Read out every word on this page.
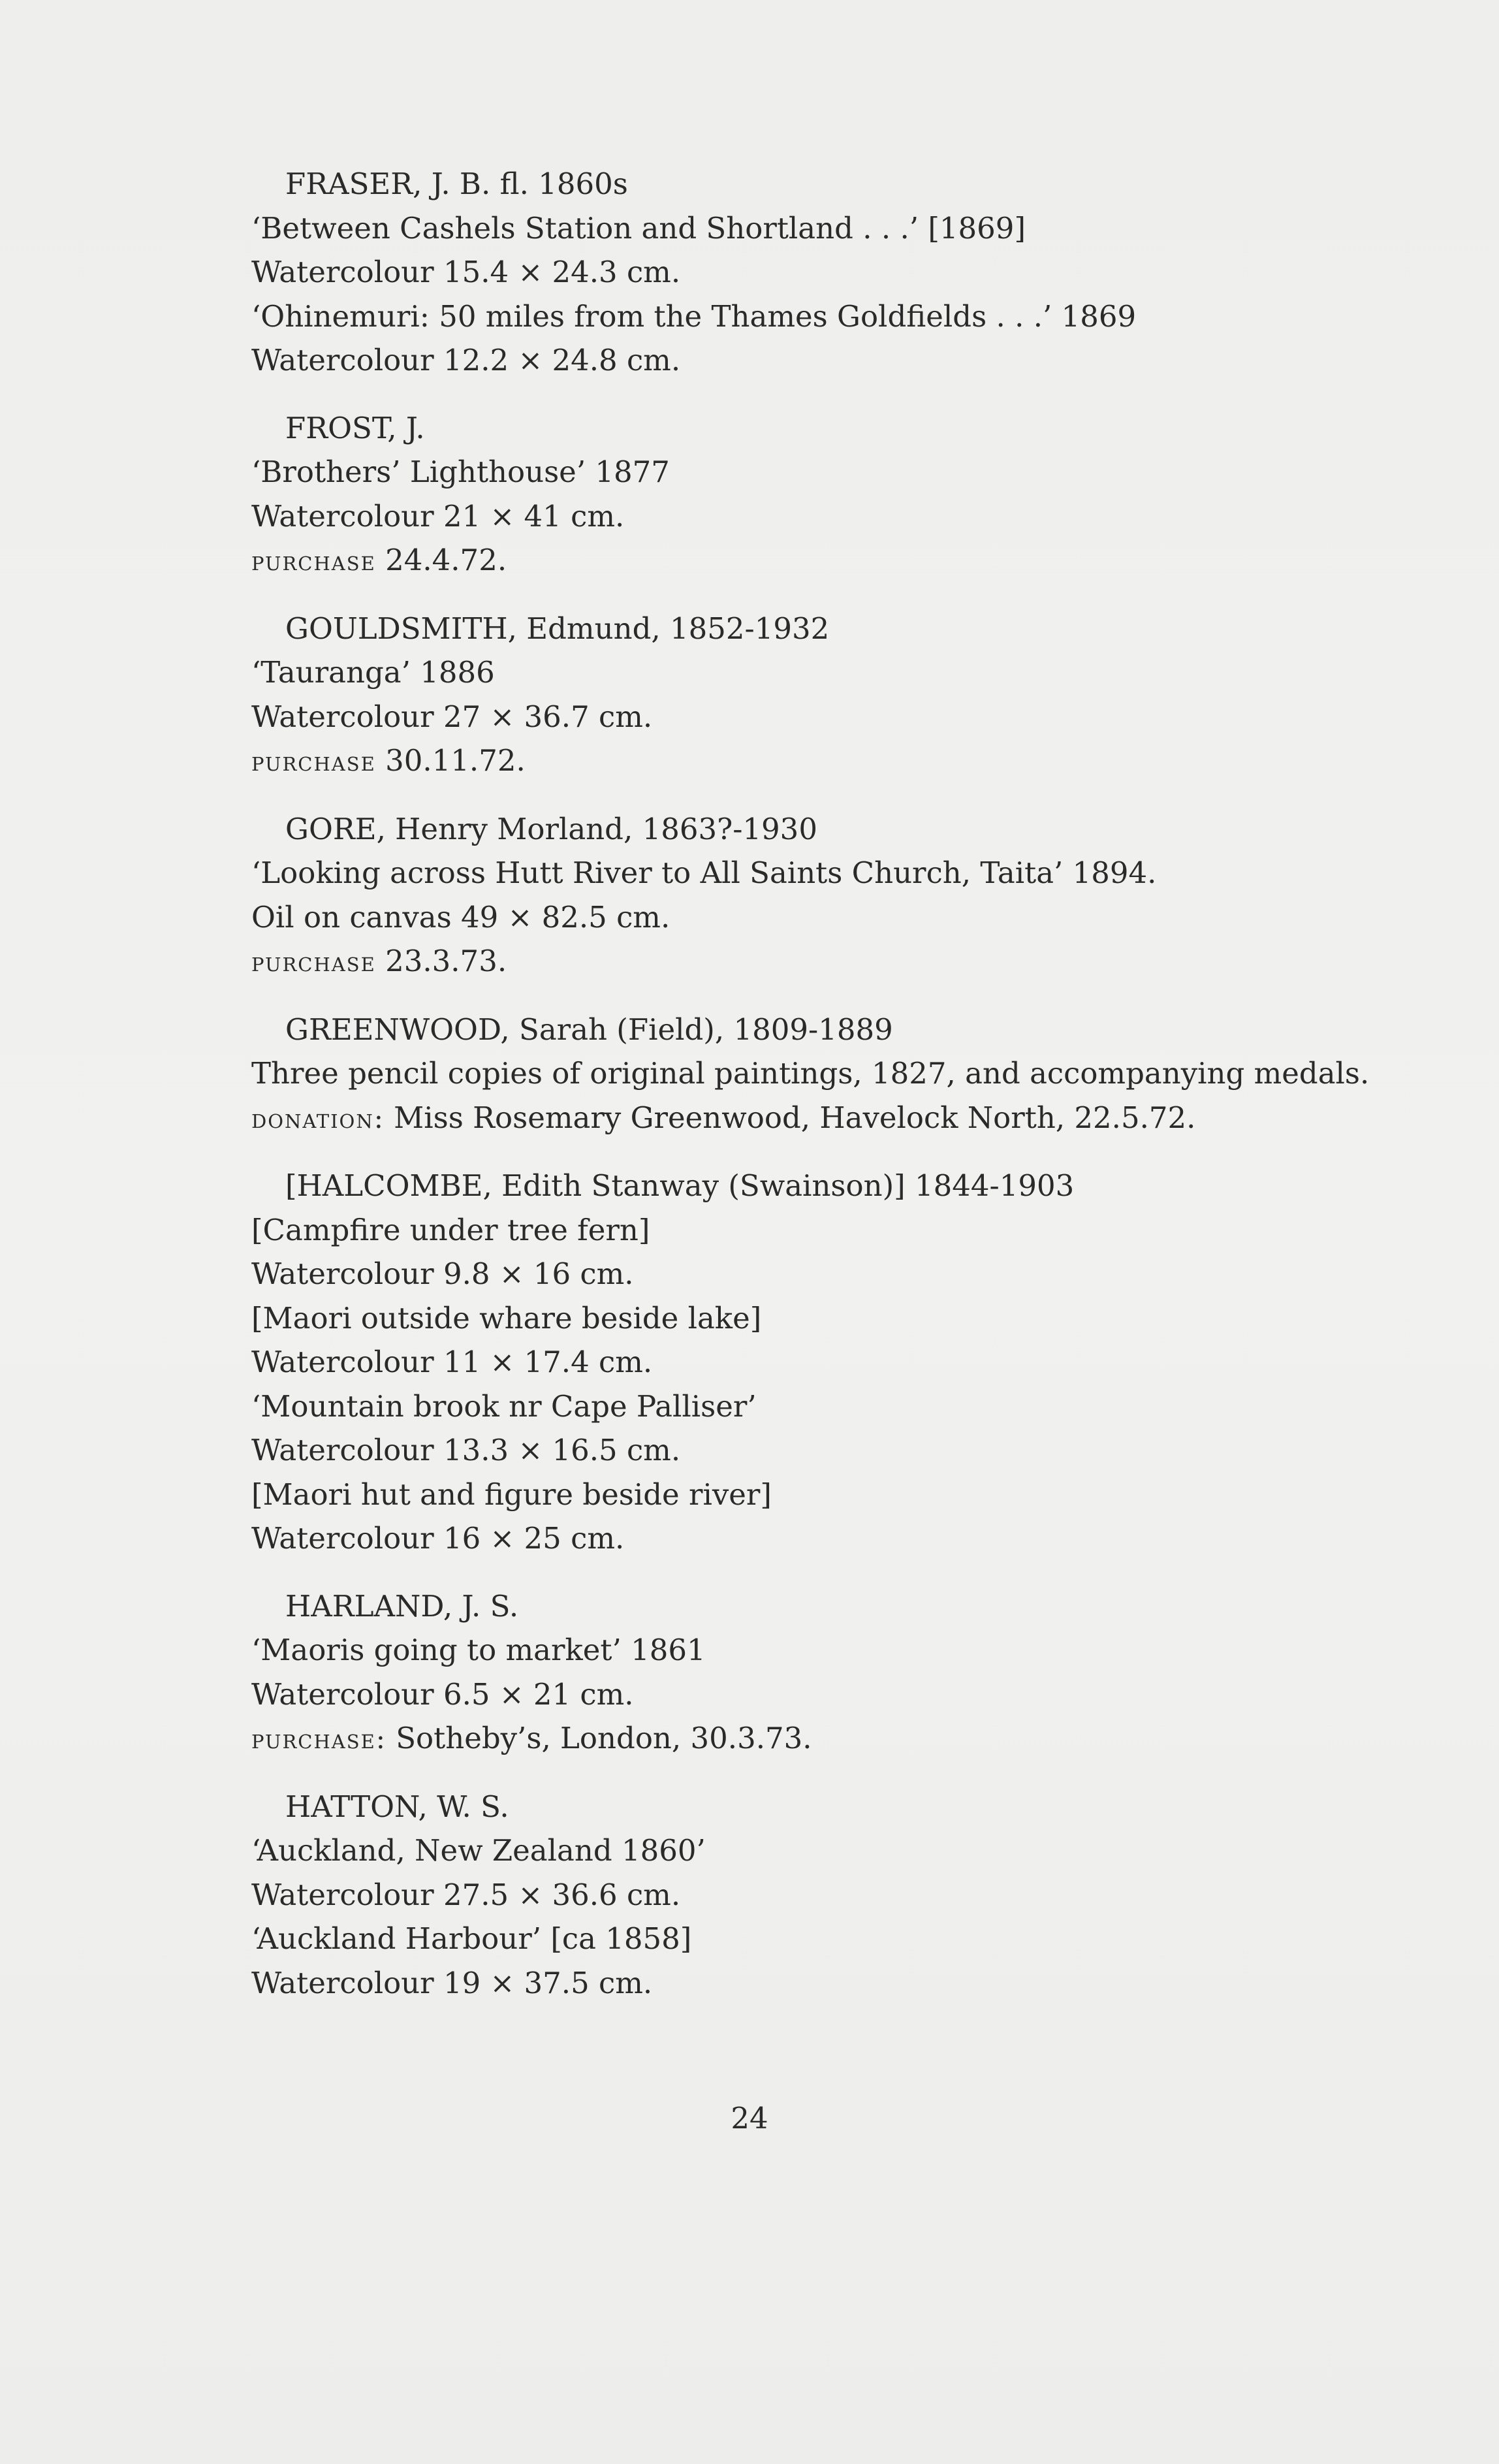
FRASER, J. B. fl. 1860s
‘Between Cashels Station and Shortland . . .’ [1869]
Watercolour 15.4 × 24.3 cm.
‘Ohinemuri: 50 miles from the Thames Goldfields . . .’ 1869
Watercolour 12.2 × 24.8 cm.
FROST, J.
‘Brothers’ Lighthouse’ 1877
Watercolour 21 × 41 cm.
purchase 24.4.72.
GOULDSMITH, Edmund, 1852-1932
‘Tauranga’ 1886
Watercolour 27 × 36.7 cm.
purchase 30.11.72.
GORE, Henry Morland, 1863?-1930
‘Looking across Hutt River to All Saints Church, Taita’ 1894.
Oil on canvas 49 × 82.5 cm.
purchase 23.3.73.
GREENWOOD, Sarah (Field), 1809-1889
Three pencil copies of original paintings, 1827, and accompanying medals.
donation: Miss Rosemary Greenwood, Havelock North, 22.5.72.
[HALCOMBE, Edith Stanway (Swainson)] 1844-1903
[Campfire under tree fern]
Watercolour 9.8 × 16 cm.
[Maori outside whare beside lake]
Watercolour 11 × 17.4 cm.
‘Mountain brook nr Cape Palliser’
Watercolour 13.3 × 16.5 cm.
[Maori hut and figure beside river]
Watercolour 16 × 25 cm.
HARLAND, J. S.
‘Maoris going to market’ 1861
Watercolour 6.5 × 21 cm.
purchase: Sotheby’s, London, 30.3.73.
HATTON, W. S.
‘Auckland, New Zealand 1860’
Watercolour 27.5 × 36.6 cm.
‘Auckland Harbour’ [ca 1858]
Watercolour 19 × 37.5 cm.
24
